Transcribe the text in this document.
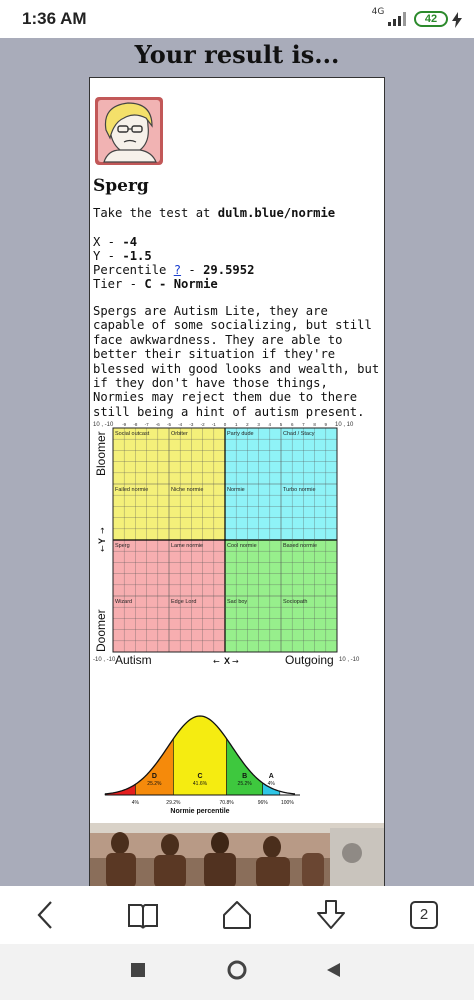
1:36 AM	4G
42
Your result is...
Sperg
Take the test at dulm.blue/normie
X - -4
Y - -1.5
Percentile ? - 29.5952
Tier - C - Normie
Spergs are Autism Lite, they are capable of some socializing, but still face awkwardness. They are able to better their situation if they're blessed with good looks and wealth, but if they don't have those things, Normies may reject them due to there still being a hint of autism present.
Social outcast	Orbiter	Party dude	Chad / Stacy
Failed normie	Niche normie	Normie	Turbo normie
Sperg	Lame normie	Cool normie	Based normie
Wizard	Edge Lord	Sad boy	Sociopath
-9 -8 -7 -6 -5 -4 -3 -2 -1 0 1 2 3 4 5 6 7 8 9
10 , -10	10 , 10
-10 , -10	10 , -10
Autism	X
← →	Outgoing
Bloomer
Y
→
←
Doomer
D
25.2%
C
41.6%
B
25.2%
A
4%
4%	29.2%	70.8%	96%	100%
Normie percentile
2
